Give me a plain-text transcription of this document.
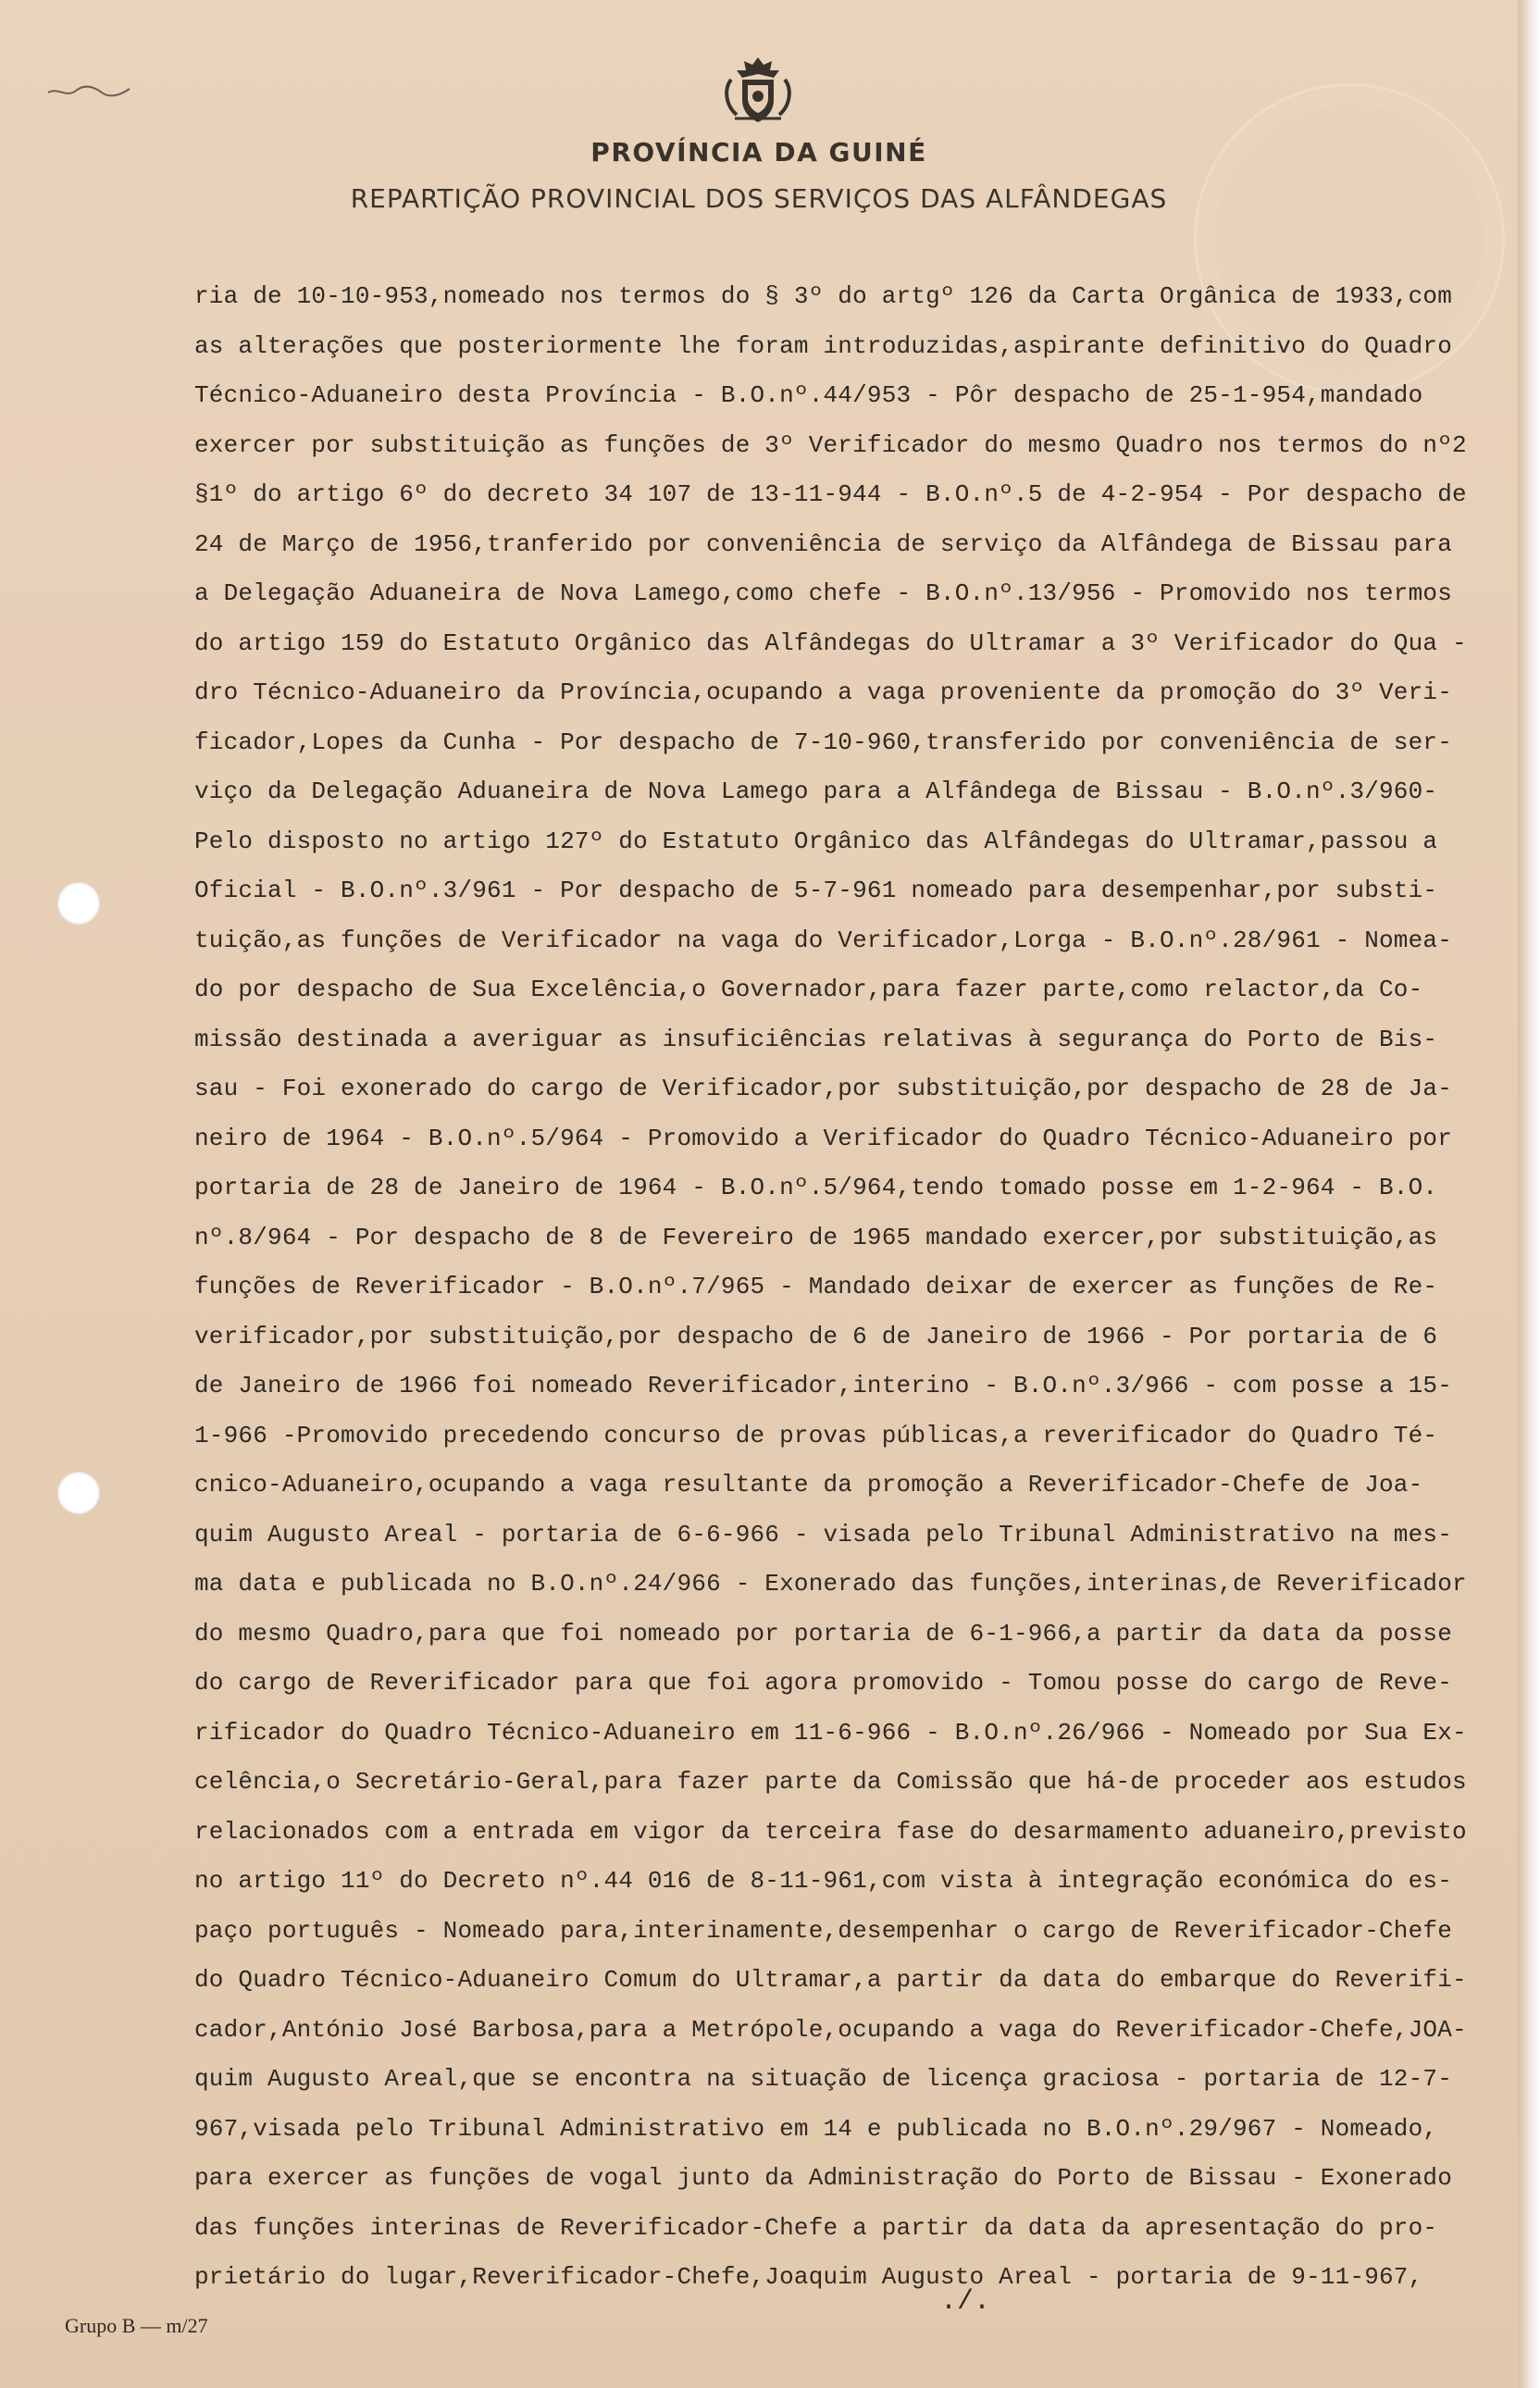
PROVÍNCIA DA GUINÉ
REPARTIÇÃO PROVINCIAL DOS SERVIÇOS DAS ALFÂNDEGAS
ria de 10-10-953,nomeado nos termos do § 3º do artgº 126 da Carta Orgânica de 1933,com
as alterações que posteriormente lhe foram introduzidas,aspirante definitivo do Quadro
Técnico-Aduaneiro desta Província - B.O.nº.44/953 - Pôr despacho de 25-1-954,mandado
exercer por substituição as funções de 3º Verificador do mesmo Quadro nos termos do nº2
§1º do artigo 6º do decreto 34 107 de 13-11-944 - B.O.nº.5 de 4-2-954 - Por despacho de
24 de Março de 1956,tranferido por conveniência de serviço da Alfândega de Bissau para
a Delegação Aduaneira de Nova Lamego,como chefe - B.O.nº.13/956 - Promovido nos termos
do artigo 159 do Estatuto Orgânico das Alfândegas do Ultramar a 3º Verificador do Qua -
dro Técnico-Aduaneiro da Província,ocupando a vaga proveniente da promoção do 3º Veri-
ficador,Lopes da Cunha - Por despacho de 7-10-960,transferido por conveniência de ser-
viço da Delegação Aduaneira de Nova Lamego para a Alfândega de Bissau - B.O.nº.3/960-
Pelo disposto no artigo 127º do Estatuto Orgânico das Alfândegas do Ultramar,passou a
Oficial - B.O.nº.3/961 - Por despacho de 5-7-961 nomeado para desempenhar,por substi-
tuição,as funções de Verificador na vaga do Verificador,Lorga - B.O.nº.28/961 - Nomea-
do por despacho de Sua Excelência,o Governador,para fazer parte,como relactor,da Co-
missão destinada a averiguar as insuficiências relativas à segurança do Porto de Bis-
sau - Foi exonerado do cargo de Verificador,por substituição,por despacho de 28 de Ja-
neiro de 1964 - B.O.nº.5/964 - Promovido a Verificador do Quadro Técnico-Aduaneiro por
portaria de 28 de Janeiro de 1964 - B.O.nº.5/964,tendo tomado posse em 1-2-964 - B.O.
nº.8/964 - Por despacho de 8 de Fevereiro de 1965 mandado exercer,por substituição,as
funções de Reverificador - B.O.nº.7/965 - Mandado deixar de exercer as funções de Re-
verificador,por substituição,por despacho de 6 de Janeiro de 1966 - Por portaria de 6
de Janeiro de 1966 foi nomeado Reverificador,interino - B.O.nº.3/966 - com posse a 15-
1-966 -Promovido precedendo concurso de provas públicas,a reverificador do Quadro Té-
cnico-Aduaneiro,ocupando a vaga resultante da promoção a Reverificador-Chefe de Joa-
quim Augusto Areal - portaria de 6-6-966 - visada pelo Tribunal Administrativo na mes-
ma data e publicada no B.O.nº.24/966 - Exonerado das funções,interinas,de Reverificador
do mesmo Quadro,para que foi nomeado por portaria de 6-1-966,a partir da data da posse
do cargo de Reverificador para que foi agora promovido - Tomou posse do cargo de Reve-
rificador do Quadro Técnico-Aduaneiro em 11-6-966 - B.O.nº.26/966 - Nomeado por Sua Ex-
celência,o Secretário-Geral,para fazer parte da Comissão que há-de proceder aos estudos
relacionados com a entrada em vigor da terceira fase do desarmamento aduaneiro,previsto
no artigo 11º do Decreto nº.44 016 de 8-11-961,com vista à integração económica do es-
paço português - Nomeado para,interinamente,desempenhar o cargo de Reverificador-Chefe
do Quadro Técnico-Aduaneiro Comum do Ultramar,a partir da data do embarque do Reverifi-
cador,António José Barbosa,para a Metrópole,ocupando a vaga do Reverificador-Chefe,JOA-
quim Augusto Areal,que se encontra na situação de licença graciosa - portaria de 12-7-
967,visada pelo Tribunal Administrativo em 14 e publicada no B.O.nº.29/967 - Nomeado,
para exercer as funções de vogal junto da Administração do Porto de Bissau - Exonerado
das funções interinas de Reverificador-Chefe a partir da data da apresentação do pro-
prietário do lugar,Reverificador-Chefe,Joaquim Augusto Areal - portaria de 9-11-967,
Grupo B — m/27
./.
